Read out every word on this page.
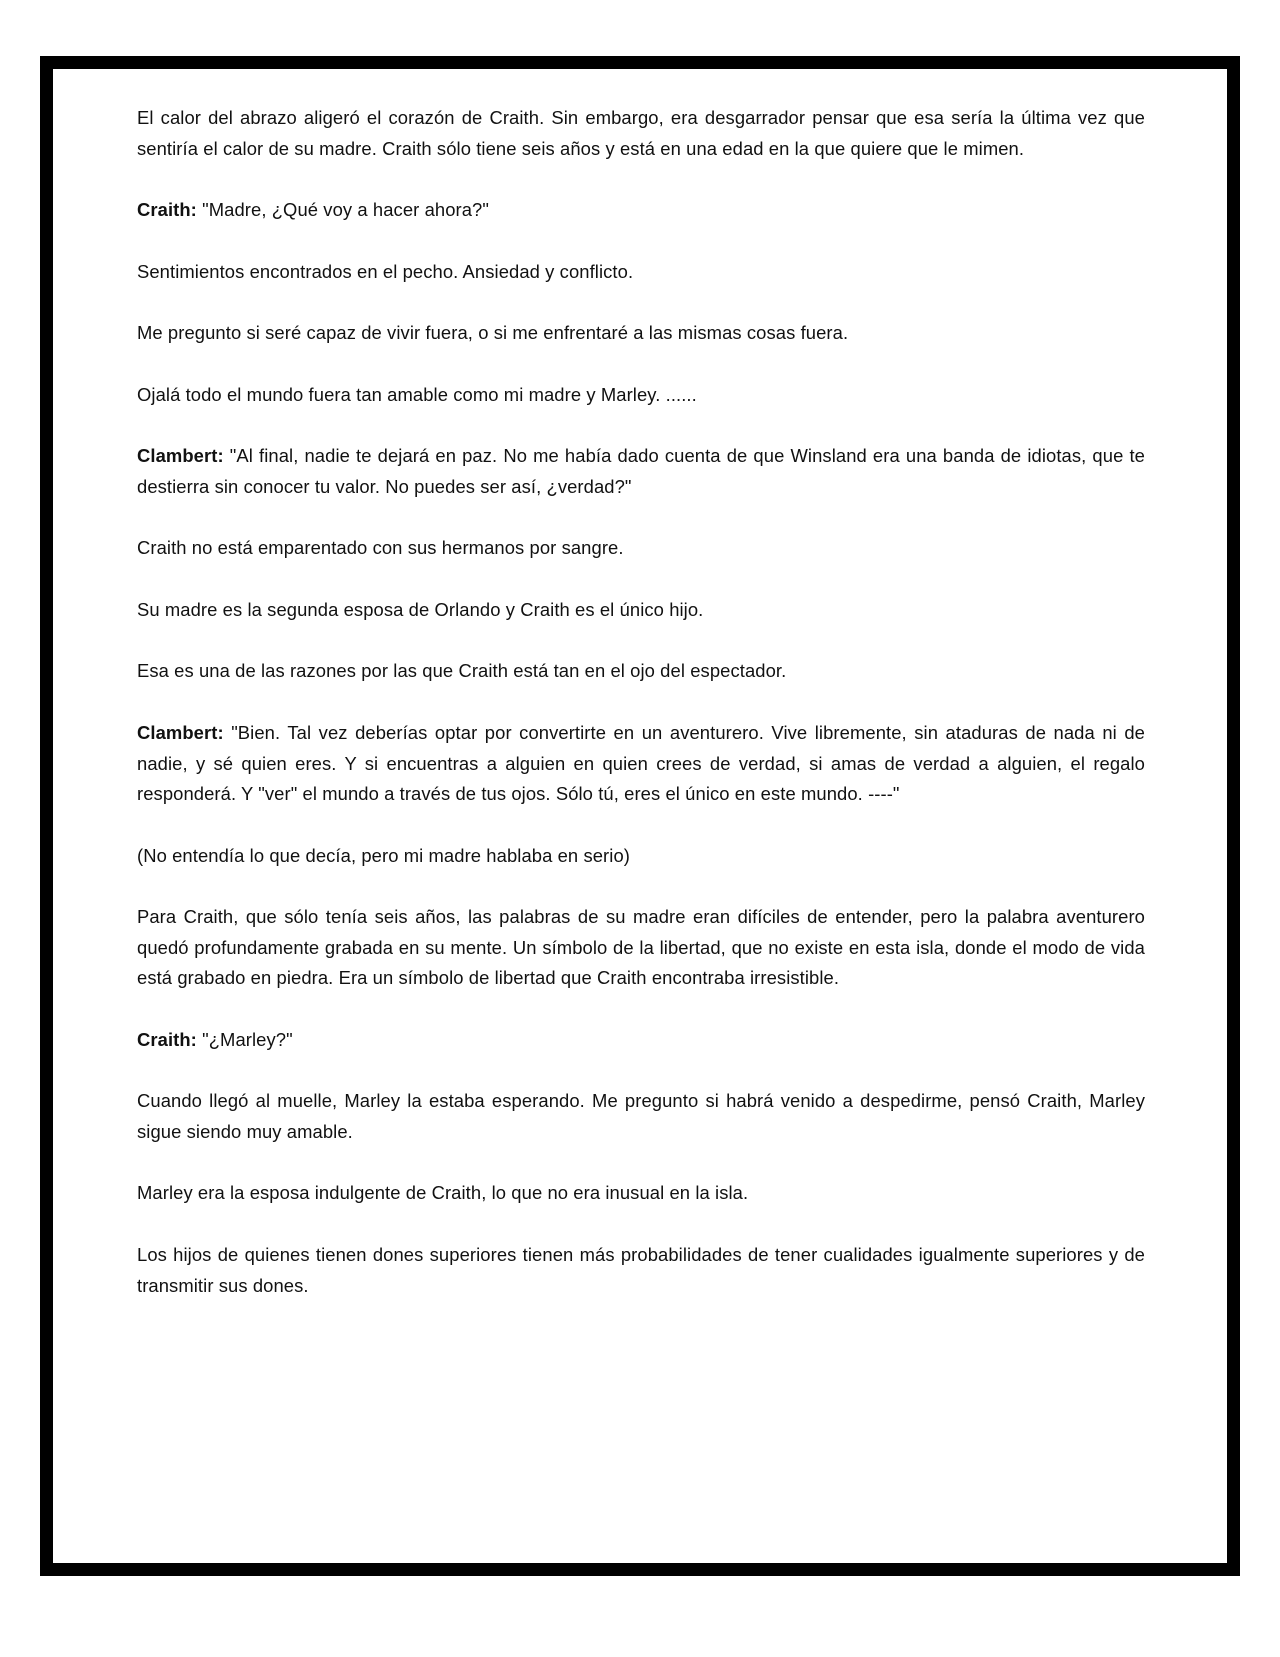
El calor del abrazo aligeró el corazón de Craith. Sin embargo, era desgarrador pensar que esa sería la última vez que sentiría el calor de su madre. Craith sólo tiene seis años y está en una edad en la que quiere que le mimen.

Craith: "Madre, ¿Qué voy a hacer ahora?"

Sentimientos encontrados en el pecho. Ansiedad y conflicto.

Me pregunto si seré capaz de vivir fuera, o si me enfrentaré a las mismas cosas fuera.

Ojalá todo el mundo fuera tan amable como mi madre y Marley. ......

Clambert: "Al final, nadie te dejará en paz. No me había dado cuenta de que Winsland era una banda de idiotas, que te destierra sin conocer tu valor. No puedes ser así, ¿verdad?"

Craith no está emparentado con sus hermanos por sangre.

Su madre es la segunda esposa de Orlando y Craith es el único hijo.

Esa es una de las razones por las que Craith está tan en el ojo del espectador.

Clambert: "Bien. Tal vez deberías optar por convertirte en un aventurero. Vive libremente, sin ataduras de nada ni de nadie, y sé quien eres. Y si encuentras a alguien en quien crees de verdad, si amas de verdad a alguien, el regalo responderá. Y "ver" el mundo a través de tus ojos. Sólo tú, eres el único en este mundo. ----"

(No entendía lo que decía, pero mi madre hablaba en serio)

Para Craith, que sólo tenía seis años, las palabras de su madre eran difíciles de entender, pero la palabra aventurero quedó profundamente grabada en su mente. Un símbolo de la libertad, que no existe en esta isla, donde el modo de vida está grabado en piedra. Era un símbolo de libertad que Craith encontraba irresistible.

Craith: "¿Marley?"

Cuando llegó al muelle, Marley la estaba esperando. Me pregunto si habrá venido a despedirme, pensó Craith, Marley sigue siendo muy amable.

Marley era la esposa indulgente de Craith, lo que no era inusual en la isla.

Los hijos de quienes tienen dones superiores tienen más probabilidades de tener cualidades igualmente superiores y de transmitir sus dones.
